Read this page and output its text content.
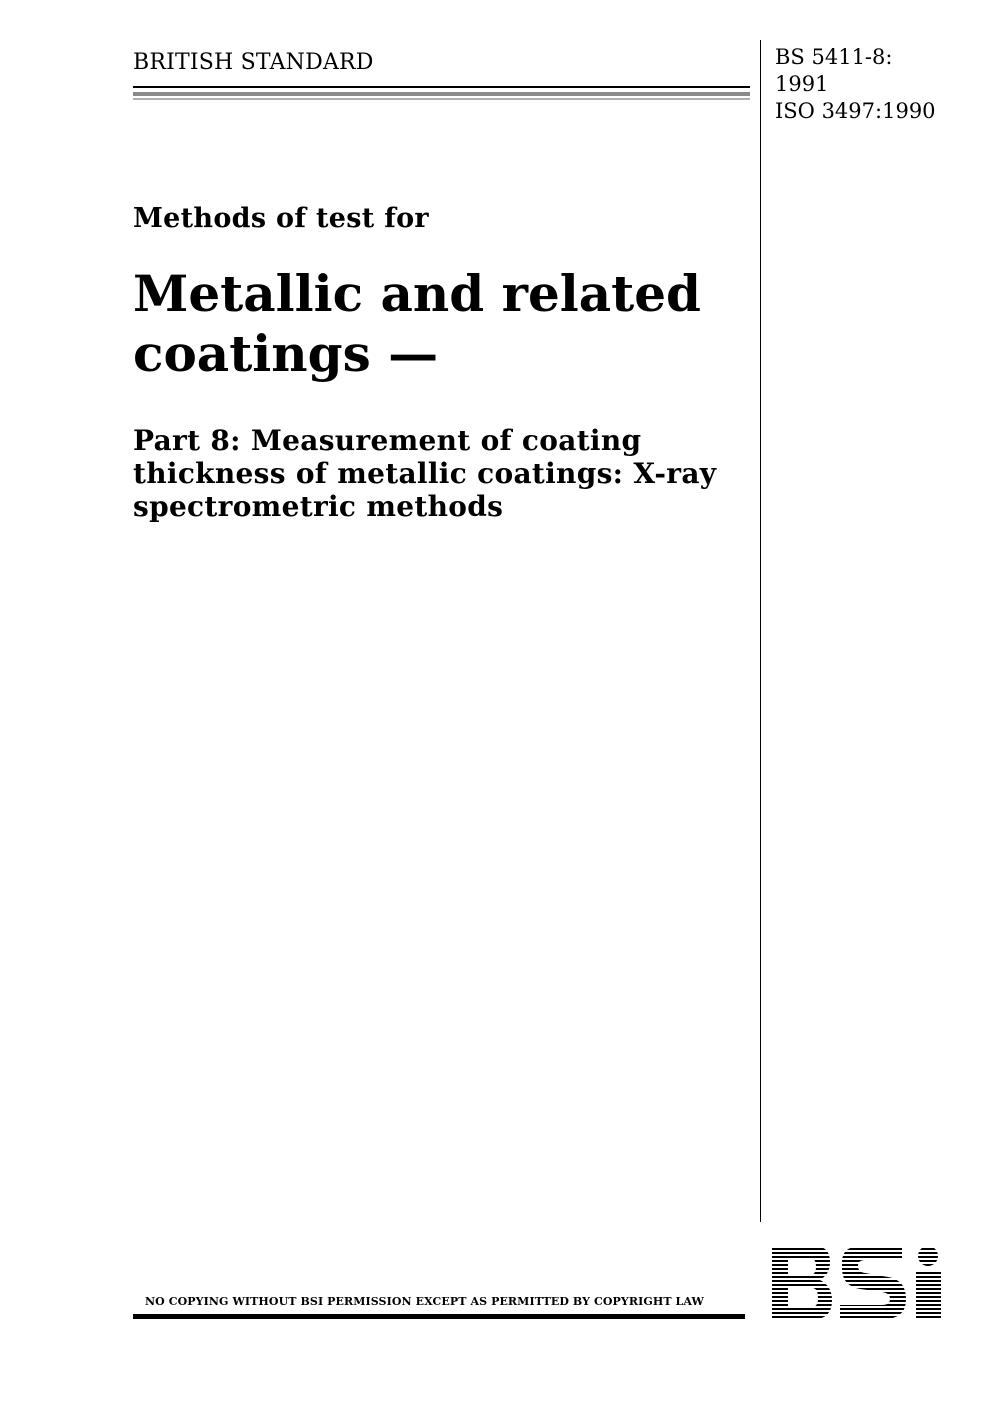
BRITISH STANDARD	BS 5411-8:
1991
ISO 3497:1990
Methods of test for
Metallic and related
coatings —
Part 8: Measurement of coating
thickness of metallic coatings: X-ray
spectrometric methods
NO COPYING WITHOUT BSI PERMISSION EXCEPT AS PERMITTED BY COPYRIGHT LAW
